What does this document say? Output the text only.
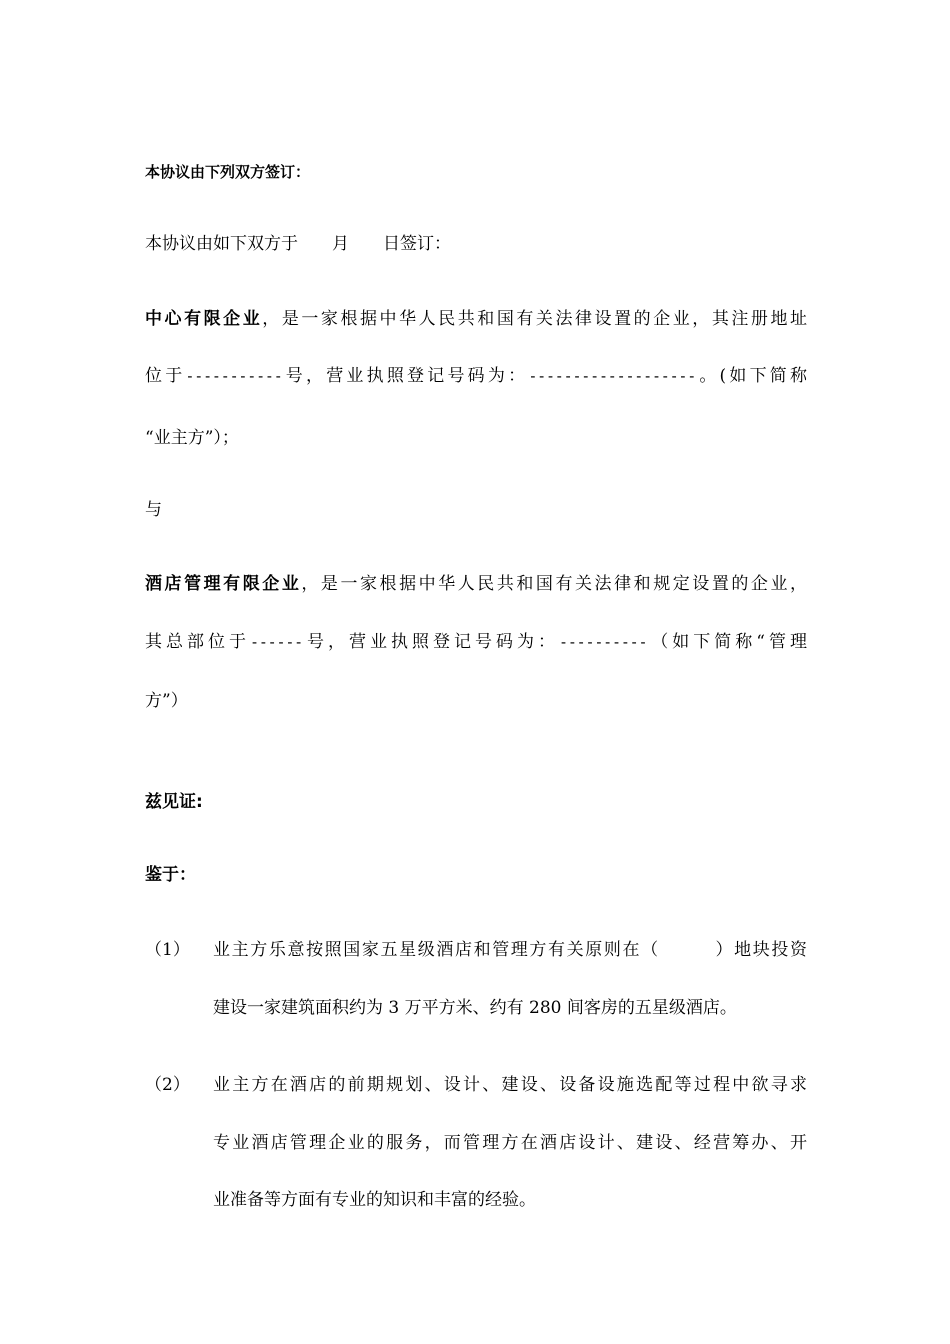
本协议由下列双方签订：
本协议由如下双方于　　月　　日签订：
中心有限企业，是一家根据中华人民共和国有关法律设置的企业，其注册地址
位于-----------号，营业执照登记号码为：-------------------。(如下简称
“业主方”）；
与
酒店管理有限企业，是一家根据中华人民共和国有关法律和规定设置的企业，
其总部位于------号，营业执照登记号码为：----------（如下简称“管理
方”）
兹见证:
鉴于：
（1） 业主方乐意按照国家五星级酒店和管理方有关原则在（　　　）地块投资
建设一家建筑面积约为 3 万平方米、约有 280 间客房的五星级酒店。
（2） 业主方在酒店的前期规划、设计、建设、设备设施选配等过程中欲寻求
专业酒店管理企业的服务，而管理方在酒店设计、建设、经营筹办、开
业准备等方面有专业的知识和丰富的经验。
